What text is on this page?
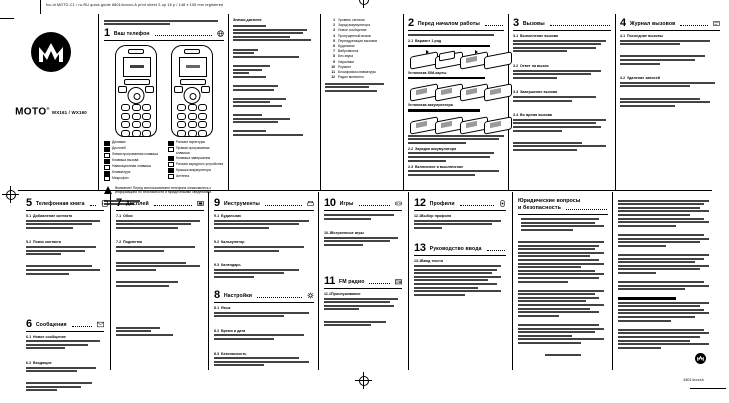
fcc-id MOTO-C1 / ru-RU quick-guide 68014xxxxx-A print sheet 2-up 16 p / 148 x 105 mm registered
MOTO®WX161 / WX160
1 Ваш телефон
Динамик
Дисплей
Левая программная клавиша
Клавиша вызова
Навигационная клавиша
Клавиатура
Микрофон
Разъем гарнитуры
Правая программная клавиша
Клавиша завершения
Разъем зарядного устройства
Крышка аккумулятора
Антенна
Внимание! Перед использованием телефона ознакомьтесь с информацией по безопасности и юридическими сведениями.
Значки дисплея	1 Уровень сигнала
2 Заряд аккумулятора
3 Новое сообщение
4 Пропущенный вызов
5 Переадресация вызовов
6 Будильник
7 Виброзвонок
8 Без звука
9 Наушники
10 Роуминг
11 Блокировка клавиатуры
12 Радио включено
2 Перед началом работы
2.1 Вариант 1 ряд
Установка SIM-карты
Установка аккумулятора
2.2 Зарядка аккумулятора
2.3 Включение и выключение
3 Вызовы
3.1 Выполнение вызова
3.2 Ответ на вызов
3.3 Завершение вызова
3.4 Во время вызова
4 Журнал вызовов
4.1 Последние вызовы
4.2 Удаление записей
5 Телефонная книга
5.1 Добавление контакта
5.2 Поиск контакта
6 Сообщения
6.1 Новое сообщение
6.2 Входящие
7 Дисплей
7.1 Обои
7.2 Подсветка
8 Настройки
8.1 Язык
8.2 Время и дата
8.3 Безопасность
9 Инструменты
9.1 Будильник
9.2 Калькулятор
9.3 Календарь
10 Игры
10.1Встроенные игры
11 FM радио
11.1Прослушивание
12 Профили
12.1Выбор профиля
13 Руководство ввода
13.1Ввод текста
Юридические вопросы
и безопасность
68014xxxxA
